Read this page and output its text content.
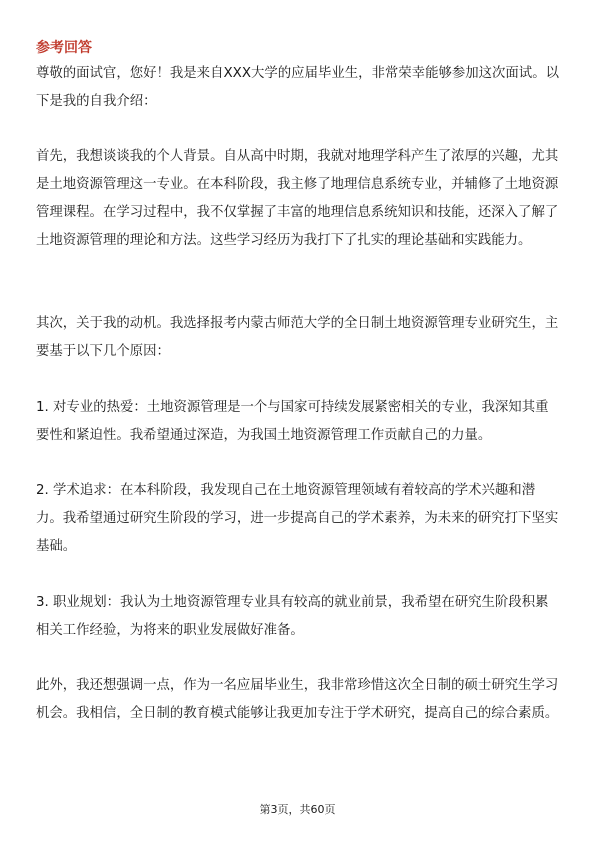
参考回答

尊敬的面试官，您好！我是来自XXX大学的应届毕业生，非常荣幸能够参加这次面试。以下是我的自我介绍：

首先，我想谈谈我的个人背景。自从高中时期，我就对地理学科产生了浓厚的兴趣，尤其是土地资源管理这一专业。在本科阶段，我主修了地理信息系统专业，并辅修了土地资源管理课程。在学习过程中，我不仅掌握了丰富的地理信息系统知识和技能，还深入了解了土地资源管理的理论和方法。这些学习经历为我打下了扎实的理论基础和实践能力。

其次，关于我的动机。我选择报考内蒙古师范大学的全日制土地资源管理专业研究生，主要基于以下几个原因：

1. 对专业的热爱：土地资源管理是一个与国家可持续发展紧密相关的专业，我深知其重要性和紧迫性。我希望通过深造，为我国土地资源管理工作贡献自己的力量。

2. 学术追求：在本科阶段，我发现自己在土地资源管理领域有着较高的学术兴趣和潜力。我希望通过研究生阶段的学习，进一步提高自己的学术素养，为未来的研究打下坚实基础。

3. 职业规划：我认为土地资源管理专业具有较高的就业前景，我希望在研究生阶段积累相关工作经验，为将来的职业发展做好准备。

此外，我还想强调一点，作为一名应届毕业生，我非常珍惜这次全日制的硕士研究生学习机会。我相信，全日制的教育模式能够让我更加专注于学术研究，提高自己的综合素质。

第3页，共60页
